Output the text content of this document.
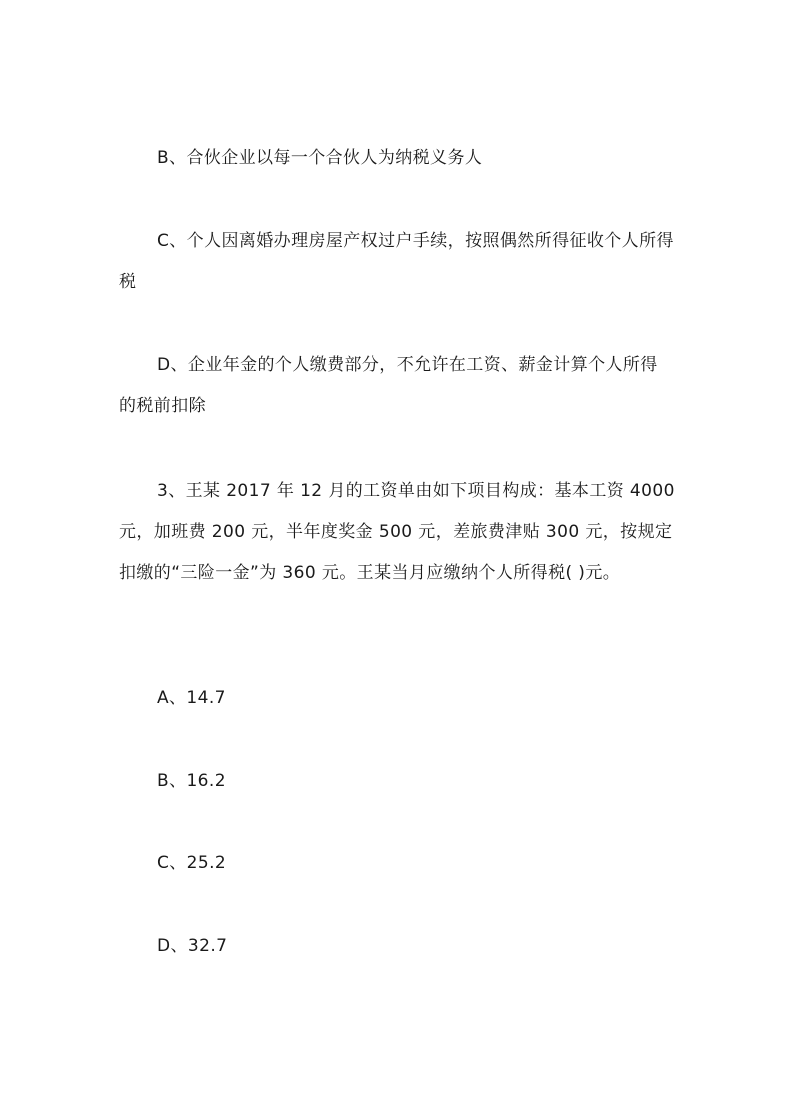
B、合伙企业以每一个合伙人为纳税义务人

C、个人因离婚办理房屋产权过户手续，按照偶然所得征收个人所得税

D、企业年金的个人缴费部分，不允许在工资、薪金计算个人所得的税前扣除

3、王某 2017 年 12 月的工资单由如下项目构成：基本工资 4000 元，加班费 200 元，半年度奖金 500 元，差旅费津贴 300 元，按规定扣缴的“三险一金”为 360 元。王某当月应缴纳个人所得税( )元。

A、14.7

B、16.2

C、25.2

D、32.7
